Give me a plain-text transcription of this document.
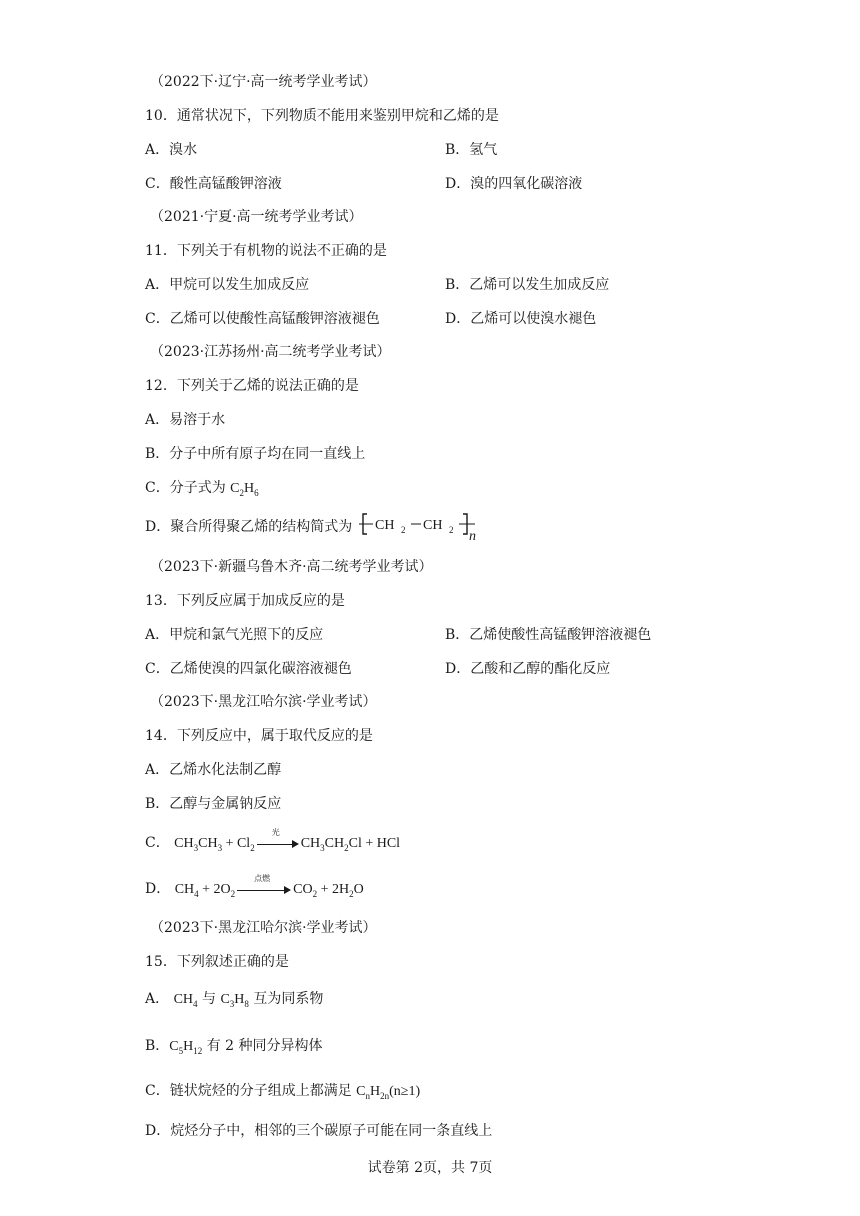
（2022下·辽宁·高一统考学业考试）
10．通常状况下，下列物质不能用来鉴别甲烷和乙烯的是
A．溴水	B．氢气
C．酸性高锰酸钾溶液	D．溴的四氧化碳溶液
（2021·宁夏·高一统考学业考试）
11．下列关于有机物的说法不正确的是
A．甲烷可以发生加成反应	B．乙烯可以发生加成反应
C．乙烯可以使酸性高锰酸钾溶液褪色	D．乙烯可以使溴水褪色
（2023·江苏扬州·高二统考学业考试）
12．下列关于乙烯的说法正确的是
A．易溶于水
B．分子中所有原子均在同一直线上
C．分子式为 $C_2H_6$
D．聚合所得聚乙烯的结构简式为 CH 2 CH 2 n
（2023下·新疆乌鲁木齐·高二统考学业考试）
13．下列反应属于加成反应的是
A．甲烷和氯气光照下的反应	B．乙烯使酸性高锰酸钾溶液褪色
C．乙烯使溴的四氯化碳溶液褪色	D．乙酸和乙醇的酯化反应
（2023下·黑龙江哈尔滨·学业考试）
14．下列反应中，属于取代反应的是
A．乙烯水化法制乙醇
B．乙醇与金属钠反应
C． $CH_3CH_3 + Cl_2$
光
$CH_3CH_2Cl$ + HCl
D． $CH_4 + 2O_2$
点燃
$CO_2 + 2H_2O$
（2023下·黑龙江哈尔滨·学业考试）
15．下列叙述正确的是
A． $CH_4$ 与 $C_3H_8$ 互为同系物
B．$C_5H_{12}$ 有 2 种同分异构体
C．链状烷烃的分子组成上都满足 $C_nH_{2n}(n\ge 1)$
D．烷烃分子中，相邻的三个碳原子可能在同一条直线上
试卷第 2页，共 7页
